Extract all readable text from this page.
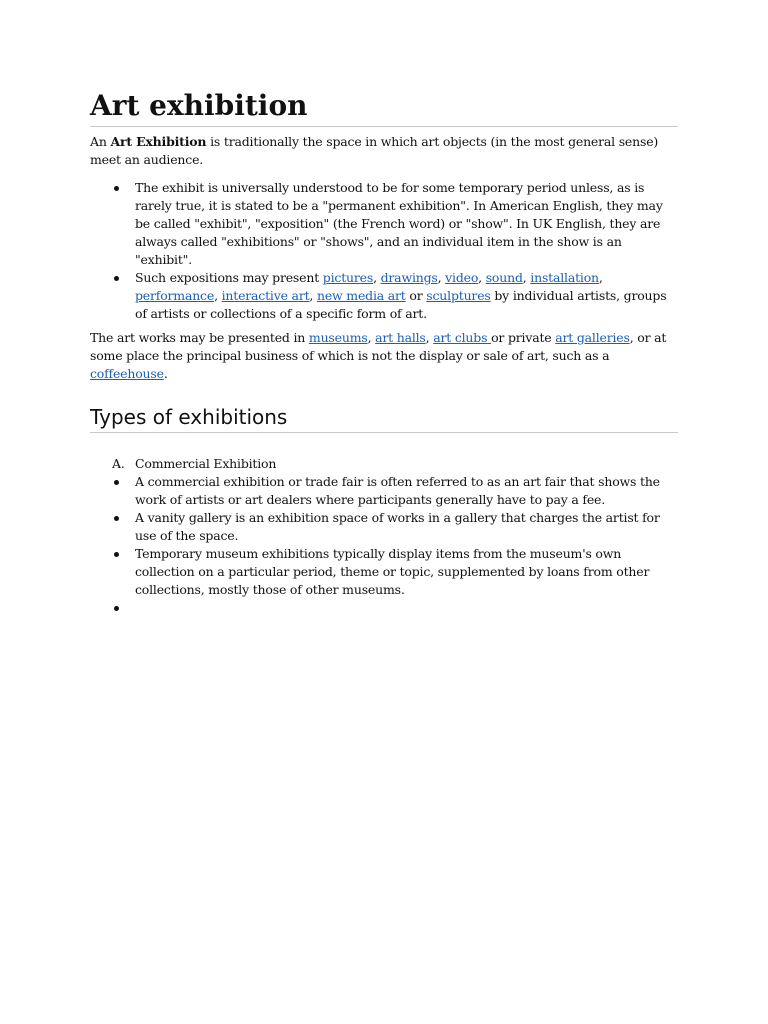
Art exhibition

An Art Exhibition is traditionally the space in which art objects (in the most general sense) meet an audience.

The exhibit is universally understood to be for some temporary period unless, as is rarely true, it is stated to be a "permanent exhibition". In American English, they may be called "exhibit", "exposition" (the French word) or "show". In UK English, they are always called "exhibitions" or "shows", and an individual item in the show is an "exhibit".
Such expositions may present pictures, drawings, video, sound, installation, performance, interactive art, new media art or sculptures by individual artists, groups of artists or collections of a specific form of art.

The art works may be presented in museums, art halls, art clubs or private art galleries, or at some place the principal business of which is not the display or sale of art, such as a coffeehouse.

Types of exhibitions
A. Commercial Exhibition
A commercial exhibition or trade fair is often referred to as an art fair that shows the work of artists or art dealers where participants generally have to pay a fee.
A vanity gallery is an exhibition space of works in a gallery that charges the artist for use of the space.
Temporary museum exhibitions typically display items from the museum's own collection on a particular period, theme or topic, supplemented by loans from other collections, mostly those of other museums.
